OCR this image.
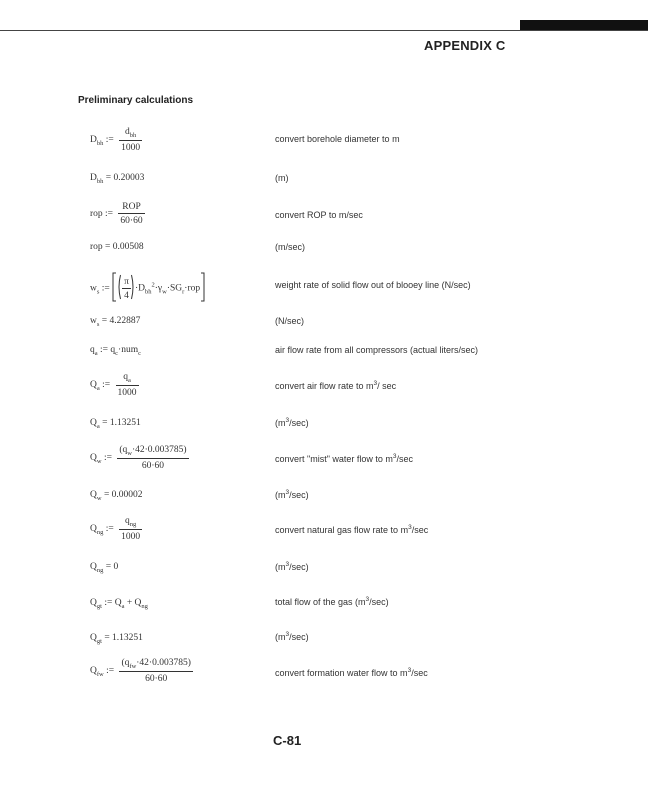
APPENDIX C
Preliminary calculations
$D_{bh}$ := $\frac{d_{bh}}{1000}$	convert borehole diameter to m
$D_{bh} = 0.20003$	(m)
rop := $\frac{\text{ROP}}{60\cdot 60}$	convert ROP to m/sec
rop = 0.00508	(m/sec)
$w_s$ := $\frac{\pi}{4} \cdot D_{bh}^2\cdot\gamma_w\cdot SG_r\cdot rop$	weight rate of solid flow out of blooey line (N/sec)
$w_s = 4.22887$	(N/sec)
$q_a$ := $q_c\cdot num_c$	air flow rate from all compressors (actual liters/sec)
$Q_a$ := $\frac{q_a}{1000}$	convert air flow rate to $m^3/$ sec
$Q_a = 1.13251$	$(m^3/\sec)$
$Q_w$ := $\frac{(q_w\cdot 42\cdot 0.003785)}{60\cdot 60}$	convert "mist" water flow to $m^3/\sec$
$Q_w = 0.00002$	$(m^3/\sec)$
$Q_{ng}$ := $\frac{q_{ng}}{1000}$	convert natural gas flow rate to $m^3/\sec$
$Q_{ng} = 0$	$(m^3/\sec)$
$Q_{gt}$ := $Q_a + Q_{ng}$	total flow of the gas $(m^3/\sec)$
$Q_{gt} = 1.13251$	$(m^3/\sec)$
$Q_{fw}$ := $\frac{(q_{fw}\cdot 42\cdot 0.003785)}{60\cdot 60}$	convert formation water flow to $m^3/\sec$
C-81
